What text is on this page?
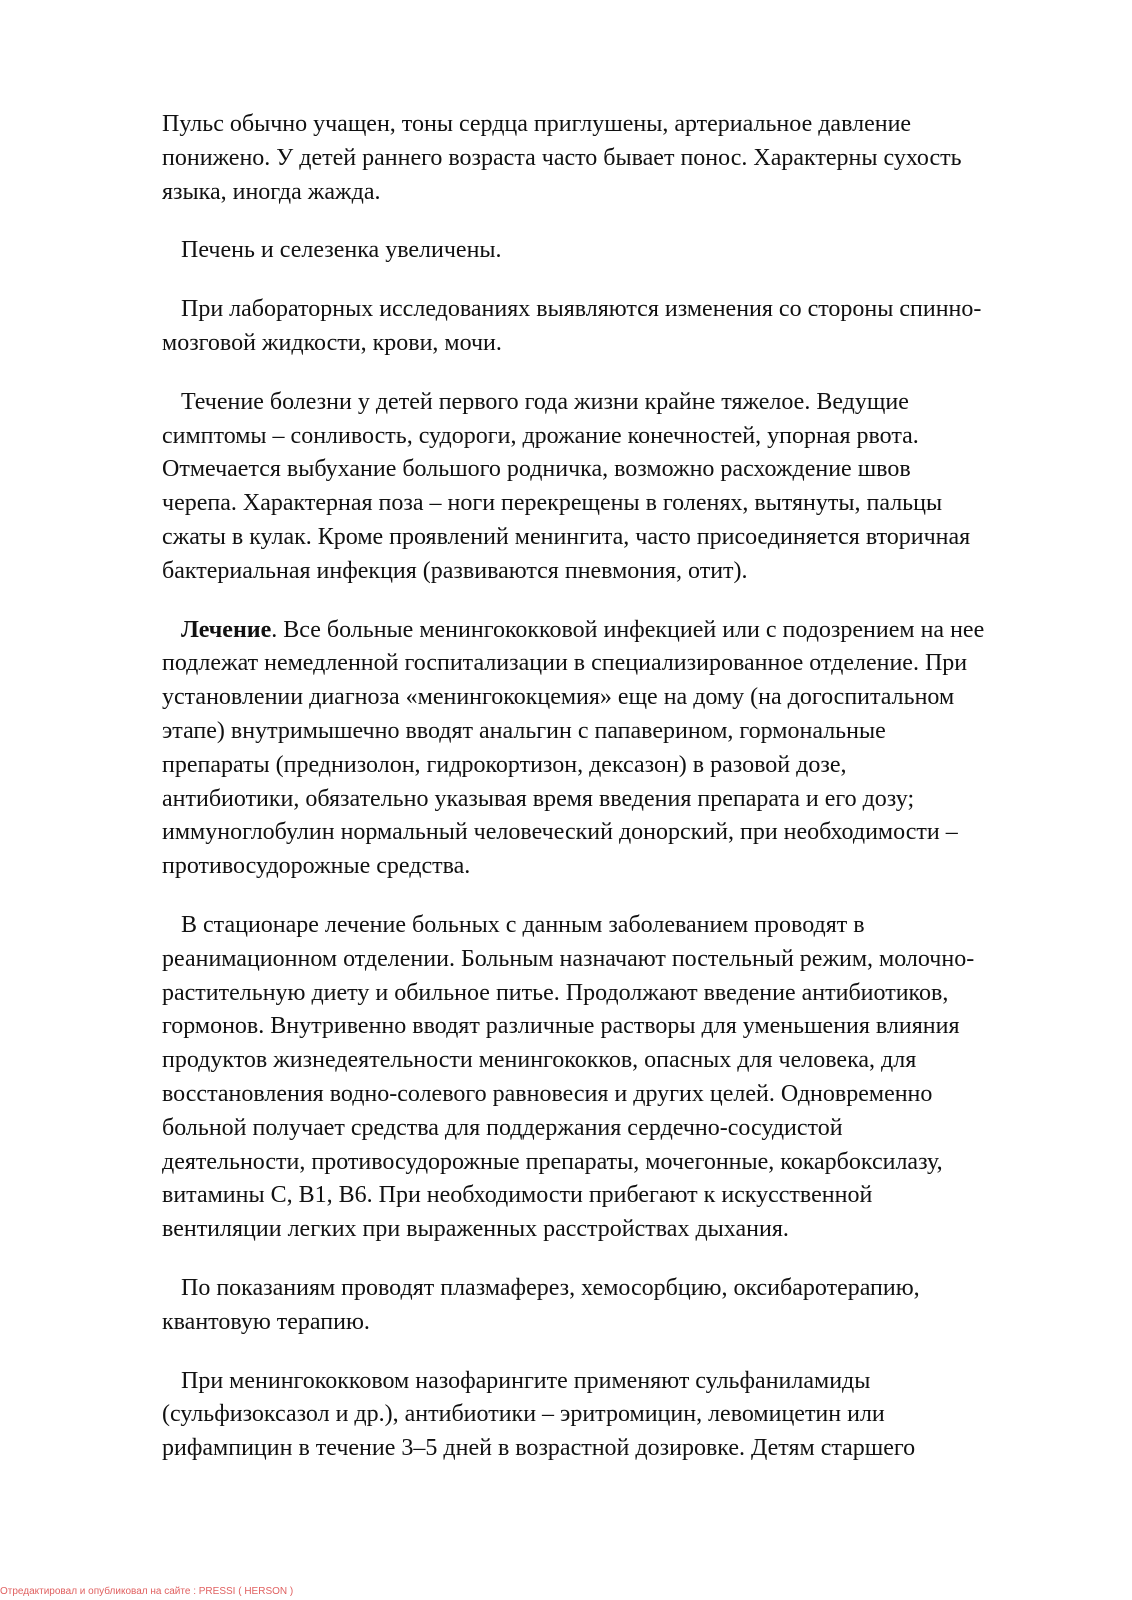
Пульс обычно учащен, тоны сердца приглушены, артериальное давление
понижено. У детей раннего возраста часто бывает понос. Характерны сухость
языка, иногда жажда.
Печень и селезенка увеличены.
При лабораторных исследованиях выявляются изменения со стороны спинно-
мозговой жидкости, крови, мочи.
Течение болезни у детей первого года жизни крайне тяжелое. Ведущие
симптомы – сонливость, судороги, дрожание конечностей, упорная рвота.
Отмечается выбухание большого родничка, возможно расхождение швов
черепа. Характерная поза – ноги перекрещены в голенях, вытянуты, пальцы
сжаты в кулак. Кроме проявлений менингита, часто присоединяется вторичная
бактериальная инфекция (развиваются пневмония, отит).
Лечение. Все больные менингококковой инфекцией или с подозрением на нее
подлежат немедленной госпитализации в специализированное отделение. При
установлении диагноза «менингококцемия» еще на дому (на догоспитальном
этапе) внутримышечно вводят анальгин с папаверином, гормональные
препараты (преднизолон, гидрокортизон, дексазон) в разовой дозе,
антибиотики, обязательно указывая время введения препарата и его дозу;
иммуноглобулин нормальный человеческий донорский, при необходимости –
противосудорожные средства.
В стационаре лечение больных с данным заболеванием проводят в
реанимационном отделении. Больным назначают постельный режим, молочно-
растительную диету и обильное питье. Продолжают введение антибиотиков,
гормонов. Внутривенно вводят различные растворы для уменьшения влияния
продуктов жизнедеятельности менингококков, опасных для человека, для
восстановления водно-солевого равновесия и других целей. Одновременно
больной получает средства для поддержания сердечно-сосудистой
деятельности, противосудорожные препараты, мочегонные, кокарбоксилазу,
витамины С, В1, В6. При необходимости прибегают к искусственной
вентиляции легких при выраженных расстройствах дыхания.
По показаниям проводят плазмаферез, хемосорбцию, оксибаротерапию,
квантовую терапию.
При менингококковом назофарингите применяют сульфаниламиды
(сульфизоксазол и др.), антибиотики – эритромицин, левомицетин или
рифампицин в течение 3–5 дней в возрастной дозировке. Детям старшего
Отредактировал и опубликовал на сайте : PRESSI ( HERSON )
